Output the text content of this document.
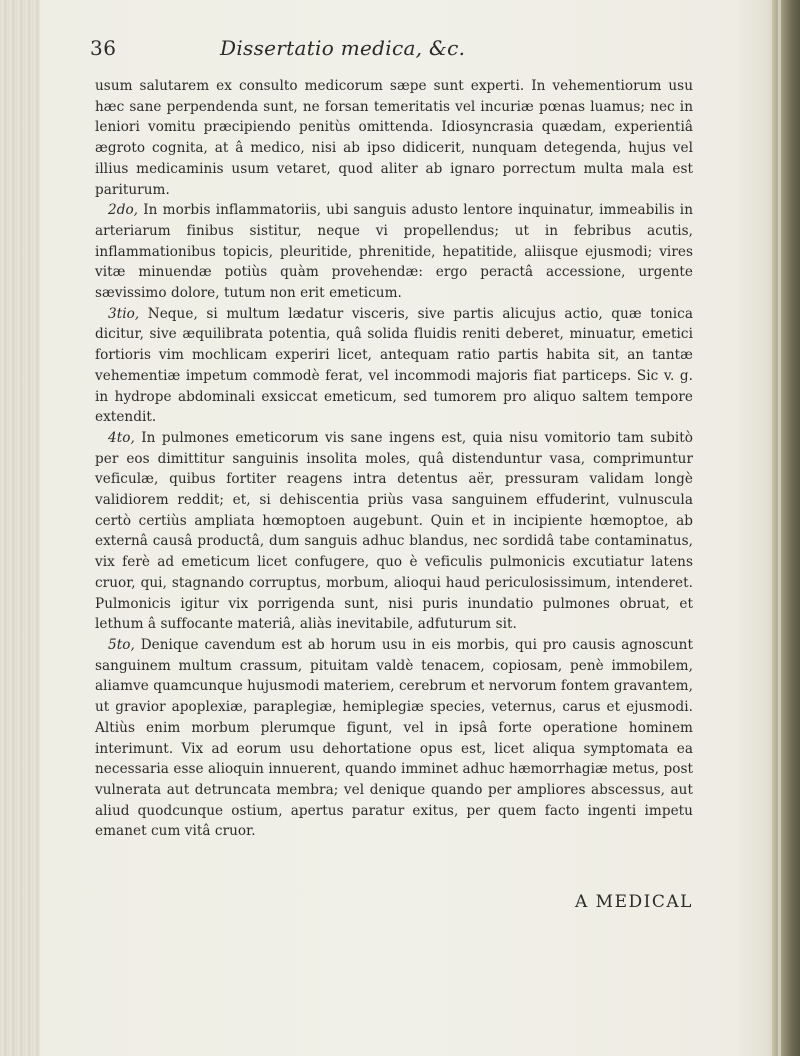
36	Dissertatio medica, &c.

usum salutarem ex consulto medicorum sæpe sunt experti. In vehementiorum usu hæc sane perpendenda sunt, ne forsan temeritatis vel incuriæ pœnas luamus; nec in leniori vomitu præcipiendo penitùs omittenda. Idiosyncrasia quædam, experientiâ ægroto cognita, at â medico, nisi ab ipso didicerit, nunquam detegenda, hujus vel illius medicaminis usum vetaret, quod aliter ab ignaro porrectum multa mala est pariturum.

2do, In morbis inflammatoriis, ubi sanguis adusto lentore inquinatur, immeabilis in arteriarum finibus sistitur, neque vi propellendus; ut in febribus acutis, inflammationibus topicis, pleuritide, phrenitide, hepatitide, aliisque ejusmodi; vires vitæ minuendæ potiùs quàm provehendæ: ergo peractâ accessione, urgente sævissimo dolore, tutum non erit emeticum.

3tio, Neque, si multum lædatur visceris, sive partis alicujus actio, quæ tonica dicitur, sive æquilibrata potentia, quâ solida fluidis reniti deberet, minuatur, emetici fortioris vim mochlicam experiri licet, antequam ratio partis habita sit, an tantæ vehementiæ impetum commodè ferat, vel incommodi majoris fiat particeps. Sic v. g. in hydrope abdominali exsiccat emeticum, sed tumorem pro aliquo saltem tempore extendit.

4to, In pulmones emeticorum vis sane ingens est, quia nisu vomitorio tam subitò per eos dimittitur sanguinis insolita moles, quâ distenduntur vasa, comprimuntur veficulæ, quibus fortiter reagens intra detentus aër, pressuram validam longè validiorem reddit; et, si dehiscentia priùs vasa sanguinem effuderint, vulnuscula certò certiùs ampliata hœmoptoen augebunt. Quin et in incipiente hœmoptoe, ab externâ causâ productâ, dum sanguis adhuc blandus, nec sordidâ tabe contaminatus, vix ferè ad emeticum licet confugere, quo è veficulis pulmonicis excutiatur latens cruor, qui, stagnando corruptus, morbum, alioqui haud periculosissimum, intenderet. Pulmonicis igitur vix porrigenda sunt, nisi puris inundatio pulmones obruat, et lethum â suffocante materiâ, aliàs inevitabile, adfuturum sit.

5to, Denique cavendum est ab horum usu in eis morbis, qui pro causis agnoscunt sanguinem multum crassum, pituitam valdè tenacem, copiosam, penè immobilem, aliamve quamcunque hujusmodi materiem, cerebrum et nervorum fontem gravantem, ut gravior apoplexiæ, paraplegiæ, hemiplegiæ species, veternus, carus et ejusmodi. Altiùs enim morbum plerumque figunt, vel in ipsâ forte operatione hominem interimunt. Vix ad eorum usu dehortatione opus est, licet aliqua symptomata ea necessaria esse alioquin innuerent, quando imminet adhuc hæmorrhagiæ metus, post vulnerata aut detruncata membra; vel denique quando per ampliores abscessus, aut aliud quodcunque ostium, apertus paratur exitus, per quem facto ingenti impetu emanet cum vitâ cruor.

A MEDICAL
